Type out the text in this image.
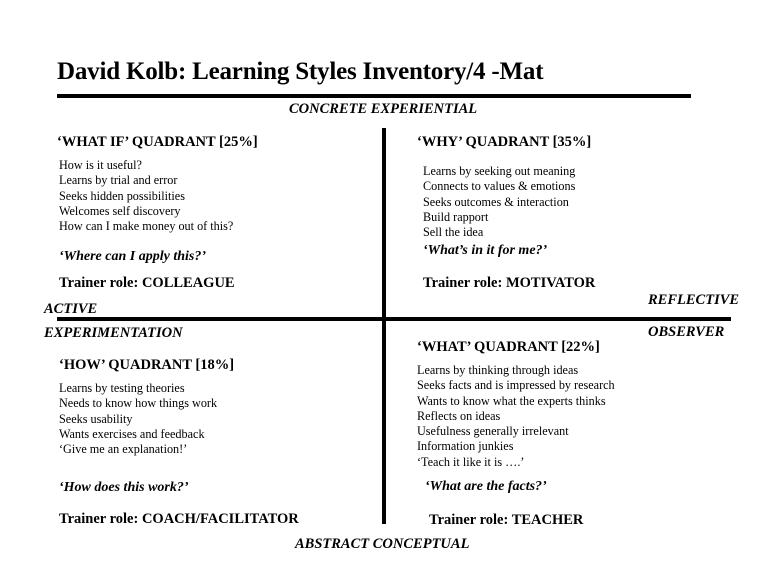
David Kolb: Learning Styles Inventory/4 -Mat
CONCRETE EXPERIENTIAL
ABSTRACT CONCEPTUAL
ACTIVE
EXPERIMENTATION
REFLECTIVE
OBSERVER
‘WHAT IF’ QUADRANT [25%]
How is it useful?
Learns by trial and error
Seeks hidden possibilities
Welcomes self discovery
How can I make money out of this?
‘Where can I apply this?’
Trainer role: COLLEAGUE
‘WHY’ QUADRANT [35%]
Learns by seeking out meaning
Connects to values & emotions
Seeks outcomes & interaction
Build rapport
Sell the idea
‘What’s in it for me?’
Trainer role: MOTIVATOR
‘HOW’ QUADRANT [18%]
Learns by testing theories
Needs to know how things work
Seeks usability
Wants exercises and feedback
‘Give me an explanation!’
‘How does this work?’
Trainer role: COACH/FACILITATOR
‘WHAT’ QUADRANT [22%]
Learns by thinking through ideas
Seeks facts and is impressed by research
Wants to know what the experts thinks
Reflects on ideas
Usefulness generally irrelevant
Information junkies
‘Teach it like it is ….’
‘What are the facts?’
Trainer role: TEACHER
